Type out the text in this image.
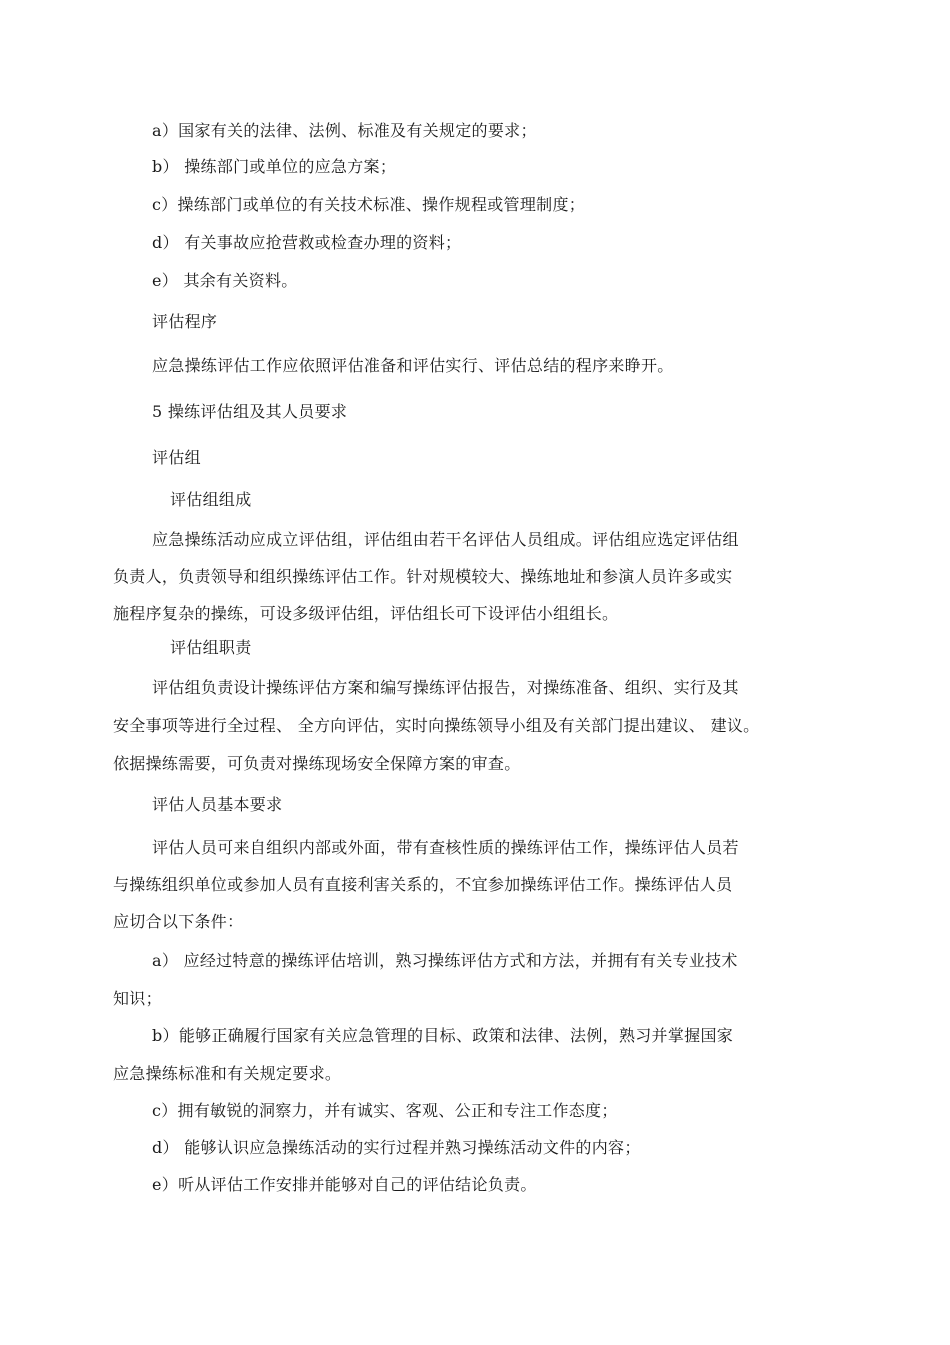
a）国家有关的法律、法例、标准及有关规定的要求；
b） 操练部门或单位的应急方案；
c）操练部门或单位的有关技术标准、操作规程或管理制度；
d） 有关事故应抢营救或检查办理的资料；
e） 其余有关资料。
评估程序
应急操练评估工作应依照评估准备和评估实行、评估总结的程序来睁开。
5 操练评估组及其人员要求
评估组
评估组组成
应急操练活动应成立评估组，评估组由若干名评估人员组成。评估组应选定评估组
负责人，负责领导和组织操练评估工作。针对规模较大、操练地址和参演人员许多或实
施程序复杂的操练，可设多级评估组，评估组长可下设评估小组组长。
评估组职责
评估组负责设计操练评估方案和编写操练评估报告，对操练准备、组织、实行及其
安全事项等进行全过程、 全方向评估，实时向操练领导小组及有关部门提出建议、 建议。
依据操练需要，可负责对操练现场安全保障方案的审查。
评估人员基本要求
评估人员可来自组织内部或外面，带有查核性质的操练评估工作，操练评估人员若
与操练组织单位或参加人员有直接利害关系的，不宜参加操练评估工作。操练评估人员
应切合以下条件：
a） 应经过特意的操练评估培训，熟习操练评估方式和方法，并拥有有关专业技术
知识；
b）能够正确履行国家有关应急管理的目标、政策和法律、法例，熟习并掌握国家
应急操练标准和有关规定要求。
c）拥有敏锐的洞察力，并有诚实、客观、公正和专注工作态度；
d） 能够认识应急操练活动的实行过程并熟习操练活动文件的内容；
e）听从评估工作安排并能够对自己的评估结论负责。
